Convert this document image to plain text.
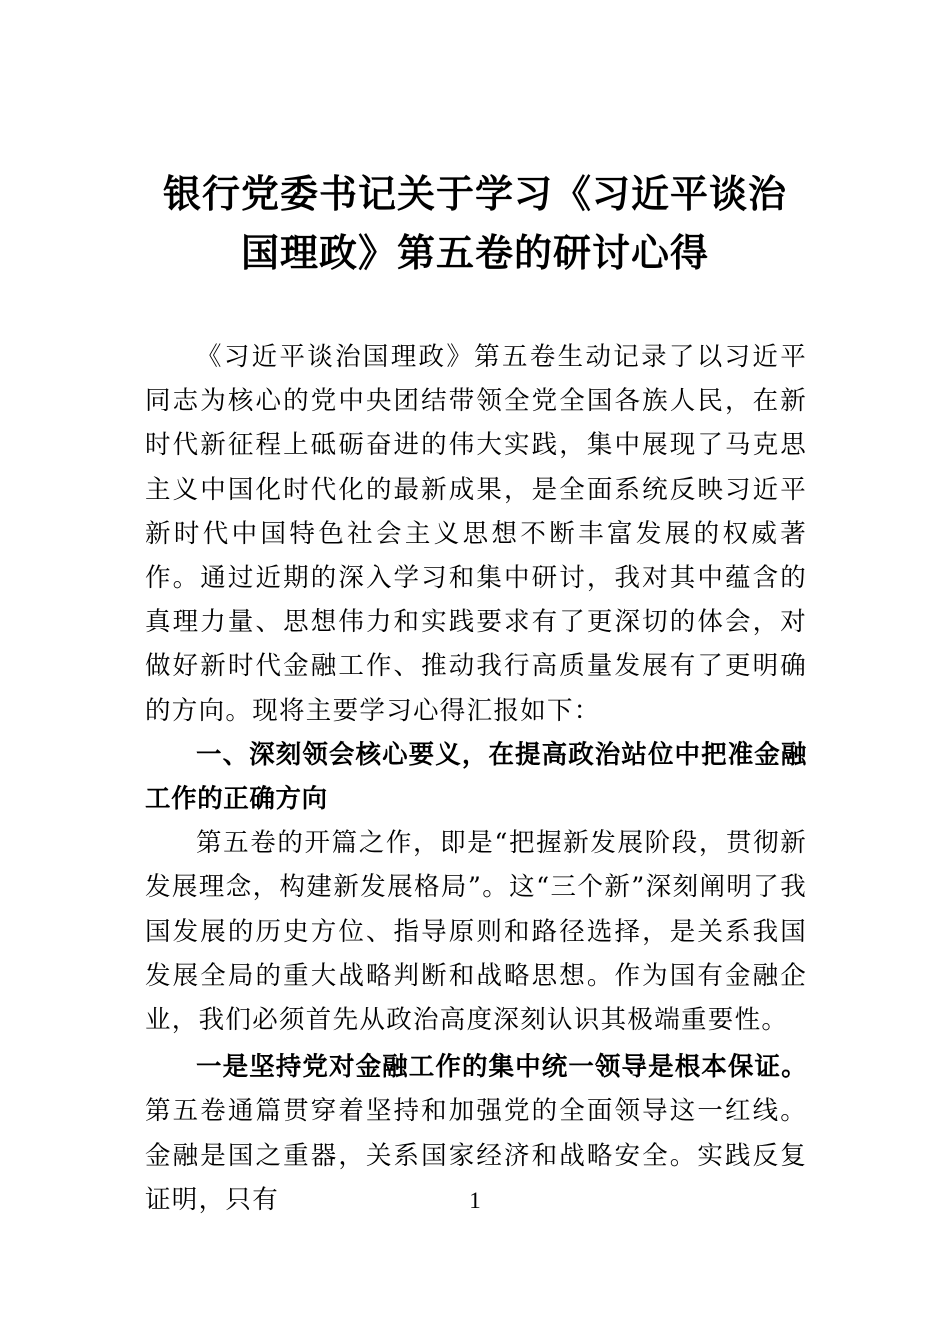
银行党委书记关于学习《习近平谈治国理政》第五卷的研讨心得

《习近平谈治国理政》第五卷生动记录了以习近平同志为核心的党中央团结带领全党全国各族人民，在新时代新征程上砥砺奋进的伟大实践，集中展现了马克思主义中国化时代化的最新成果，是全面系统反映习近平新时代中国特色社会主义思想不断丰富发展的权威著作。通过近期的深入学习和集中研讨，我对其中蕴含的真理力量、思想伟力和实践要求有了更深切的体会，对做好新时代金融工作、推动我行高质量发展有了更明确的方向。现将主要学习心得汇报如下：

一、深刻领会核心要义，在提高政治站位中把准金融工作的正确方向

第五卷的开篇之作，即是“把握新发展阶段，贯彻新发展理念，构建新发展格局”。这“三个新”深刻阐明了我国发展的历史方位、指导原则和路径选择，是关系我国发展全局的重大战略判断和战略思想。作为国有金融企业，我们必须首先从政治高度深刻认识其极端重要性。

一是坚持党对金融工作的集中统一领导是根本保证。第五卷通篇贯穿着坚持和加强党的全面领导这一红线。金融是国之重器，关系国家经济和战略安全。实践反复证明，只有	1
